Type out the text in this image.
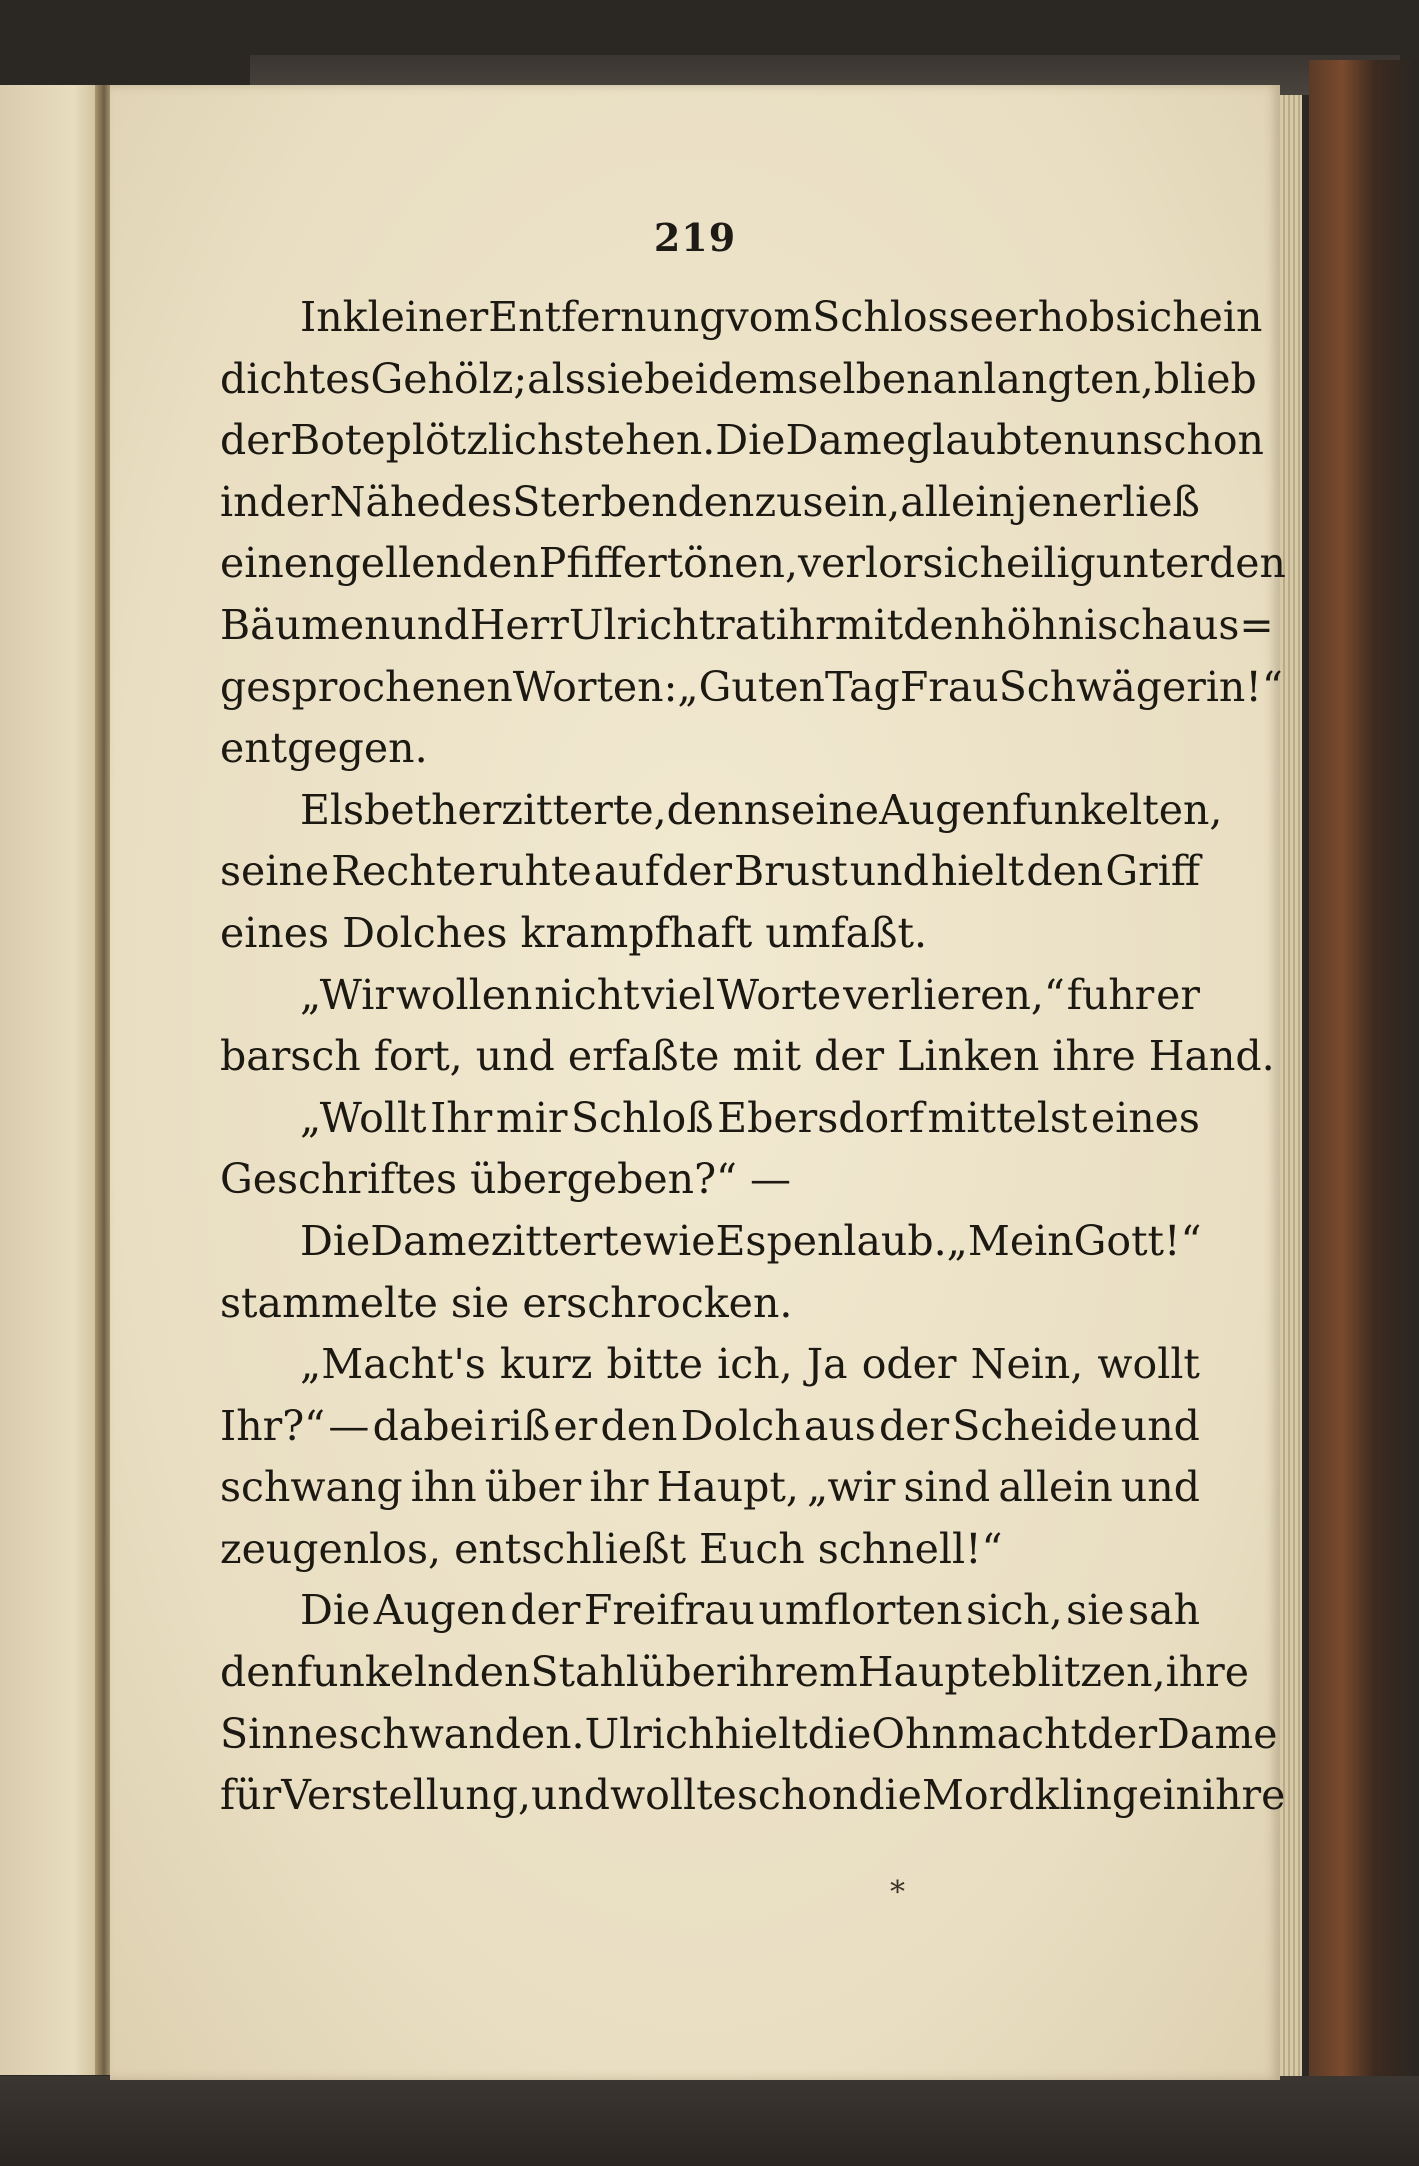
219
In kleiner Entfernung vom Schlosse erhob sich ein
dichtes Gehölz; als sie bei demselben anlangten, blieb
der Bote plötzlich stehen. Die Dame glaubte nun schon
in der Nähe des Sterbenden zu sein, allein jener ließ
einen gellenden Pfiff ertönen, verlor sich eilig unter den
Bäumen und Herr Ulrich trat ihr mit den höhnisch aus=
gesprochenen Worten: „Guten Tag Frau Schwägerin!“
entgegen.
Elsbeth erzitterte, denn seine Augen funkelten,
seine Rechte ruhte auf der Brust und hielt den Griff
eines Dolches krampfhaft umfaßt.
„Wir wollen nicht viel Worte verlieren,“ fuhr er
barsch fort, und erfaßte mit der Linken ihre Hand.
„Wollt Ihr mir Schloß Ebersdorf mittelst eines
Geschriftes übergeben?“ —
Die Dame zitterte wie Espenlaub. „Mein Gott!“
stammelte sie erschrocken.
„Macht's kurz bitte ich, Ja oder Nein, wollt
Ihr?“ — dabei riß er den Dolch aus der Scheide und
schwang ihn über ihr Haupt, „wir sind allein und
zeugenlos, entschließt Euch schnell!“
Die Augen der Freifrau umflorten sich, sie sah
den funkelnden Stahl über ihrem Haupte blitzen, ihre
Sinne schwanden. Ulrich hielt die Ohnmacht der Dame
für Verstellung, und wollte schon die Mordklinge in ihre
*
